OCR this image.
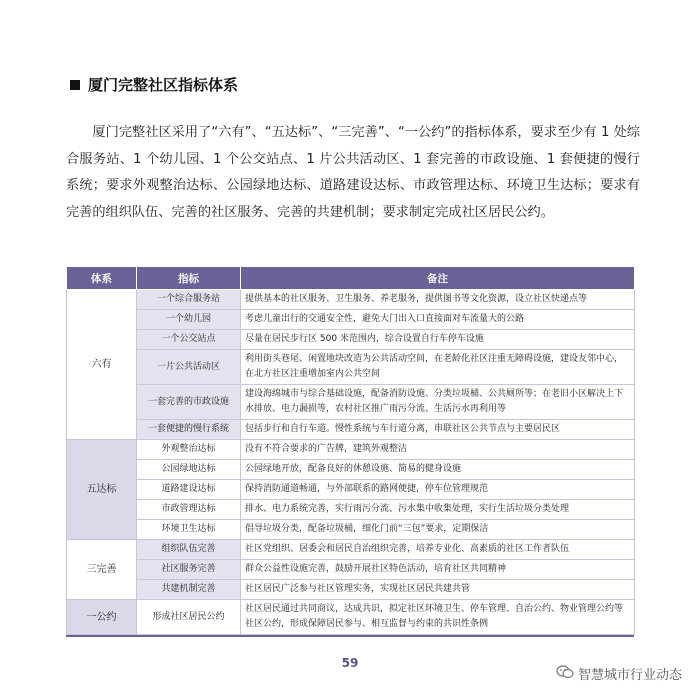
厦门完整社区指标体系

厦门完整社区采用了“六有”、“五达标”、“三完善”、“一公约”的指标体系，要求至少有 1 处综合服务站、1 个幼儿园、1 个公交站点、1 片公共活动区、1 套完善的市政设施、1 套便捷的慢行系统；要求外观整治达标、公园绿地达标、道路建设达标、市政管理达标、环境卫生达标；要求有完善的组织队伍、完善的社区服务、完善的共建机制；要求制定完成社区居民公约。

体系	指标	备注
六有	一个综合服务站	提供基本的社区服务、卫生服务、养老服务，提供图书等文化资源，设立社区快递点等
	一个幼儿园	考虑儿童出行的交通安全性，避免大门出入口直接面对车流量大的公路
	一个公交站点	尽量在居民步行区 500 米范围内，综合设置自行车停车设施
	一片公共活动区	利用街头巷尾、闲置地块改造为公共活动空间，在老龄化社区注重无障碍设施，建设友邻中心，在北方社区注重增加室内公共空间
	一套完善的市政设施	建设海绵城市与综合基础设施，配备消防设施、分类垃圾桶、公共厕所等；在老旧小区解决上下水排放、电力漏损等，农村社区推广雨污分流、生活污水再利用等
	一套便捷的慢行系统	包括步行和自行车道。慢性系统与车行道分离，串联社区公共节点与主要居民区
五达标	外观整治达标	没有不符合要求的广告牌，建筑外观整洁
	公园绿地达标	公园绿地开放，配备良好的休憩设施、简易的健身设施
	道路建设达标	保持消防通道畅通，与外部联系的路网便捷，停车位管理规范
	市政管理达标	排水、电力系统完善，实行雨污分流、污水集中收集处理，实行生活垃圾分类处理
	环境卫生达标	倡导垃圾分类，配备垃圾桶，细化门前“三包”要求，定期保洁
三完善	组织队伍完善	社区党组织、居委会和居民自治组织完善，培养专业化、高素质的社区工作者队伍
	社区服务完善	群众公益性设施完善，鼓励开展社区特色活动，培育社区共同精神
	共建机制完善	社区居民广泛参与社区管理实务，实现社区居民共建共管
一公约	形成社区居民公约	社区居民通过共同商议，达成共识，拟定社区环境卫生、停车管理、自治公约、物业管理公约等社区公约，形成保障居民参与、相互监督与约束的共识性条例
59
智慧城市行业动态
